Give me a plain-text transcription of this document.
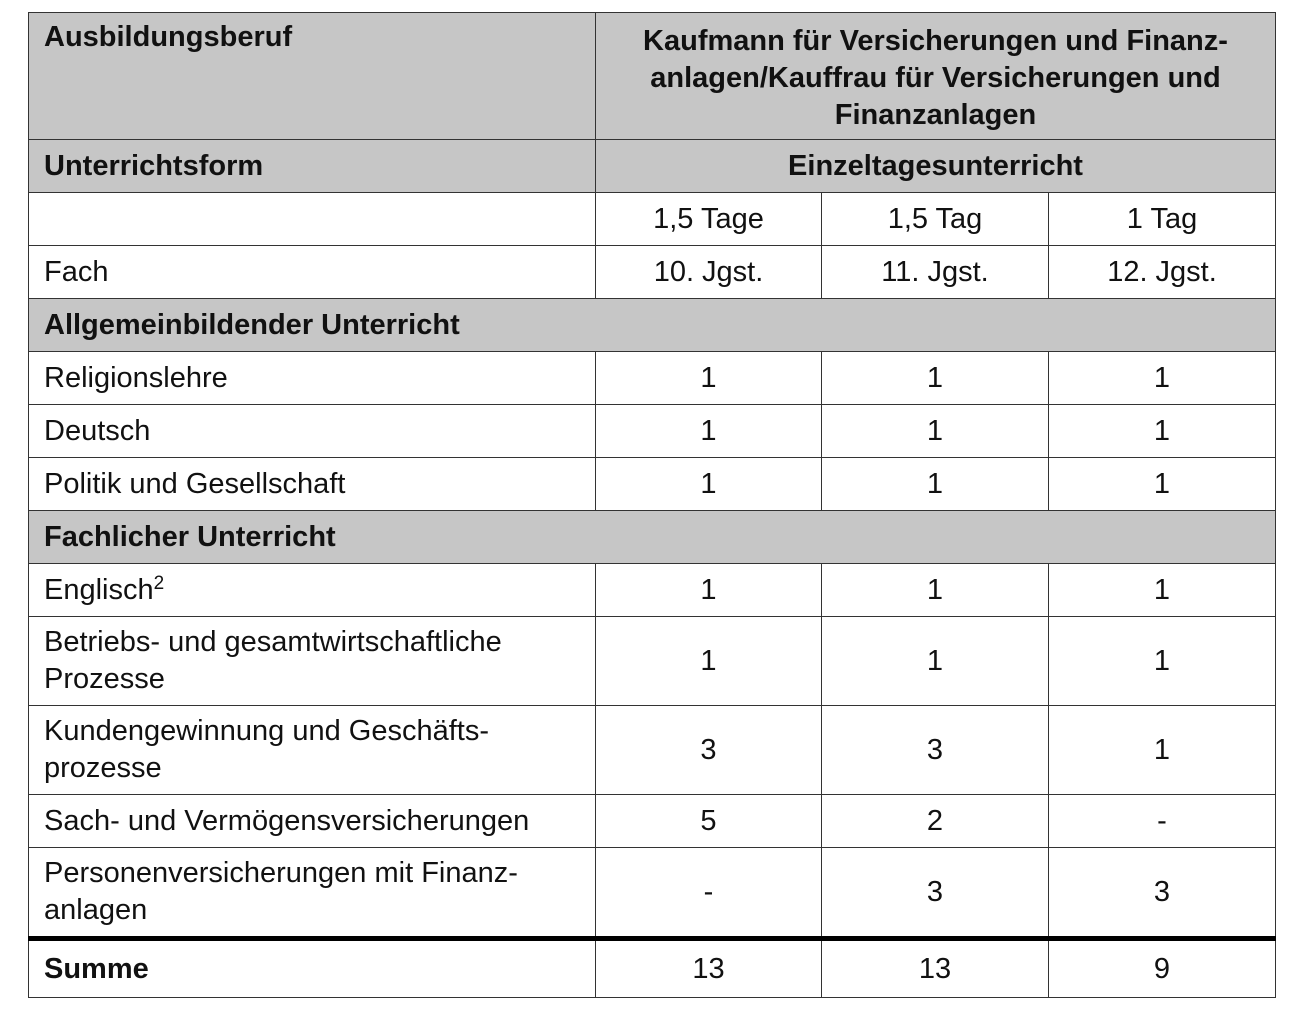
Ausbildungsberuf	Kaufmann für Versicherungen und Finanz-
anlagen/Kauffrau für Versicherungen und
Finanzanlagen		

Unterrichtsform	Einzeltagesunterricht		
	1,5 Tage	1,5 Tag	1 Tag
Fach	10. Jgst.	11. Jgst.	12. Jgst.
Allgemeinbildender Unterricht			
Religionslehre	1	1	1
Deutsch	1	1	1
Politik und Gesellschaft	1	1	1
Fachlicher Unterricht			
Englisch$^2$	1	1	1
Betriebs- und gesamtwirtschaftliche Prozesse	1	1	1

Kundengewinnung und Geschäfts-
prozesse	3	3	1
Sach- und Vermögensversicherungen	5	2	-

Personenversicherungen mit Finanz-
anlagen	-	3	3
Summe	13	13	9
